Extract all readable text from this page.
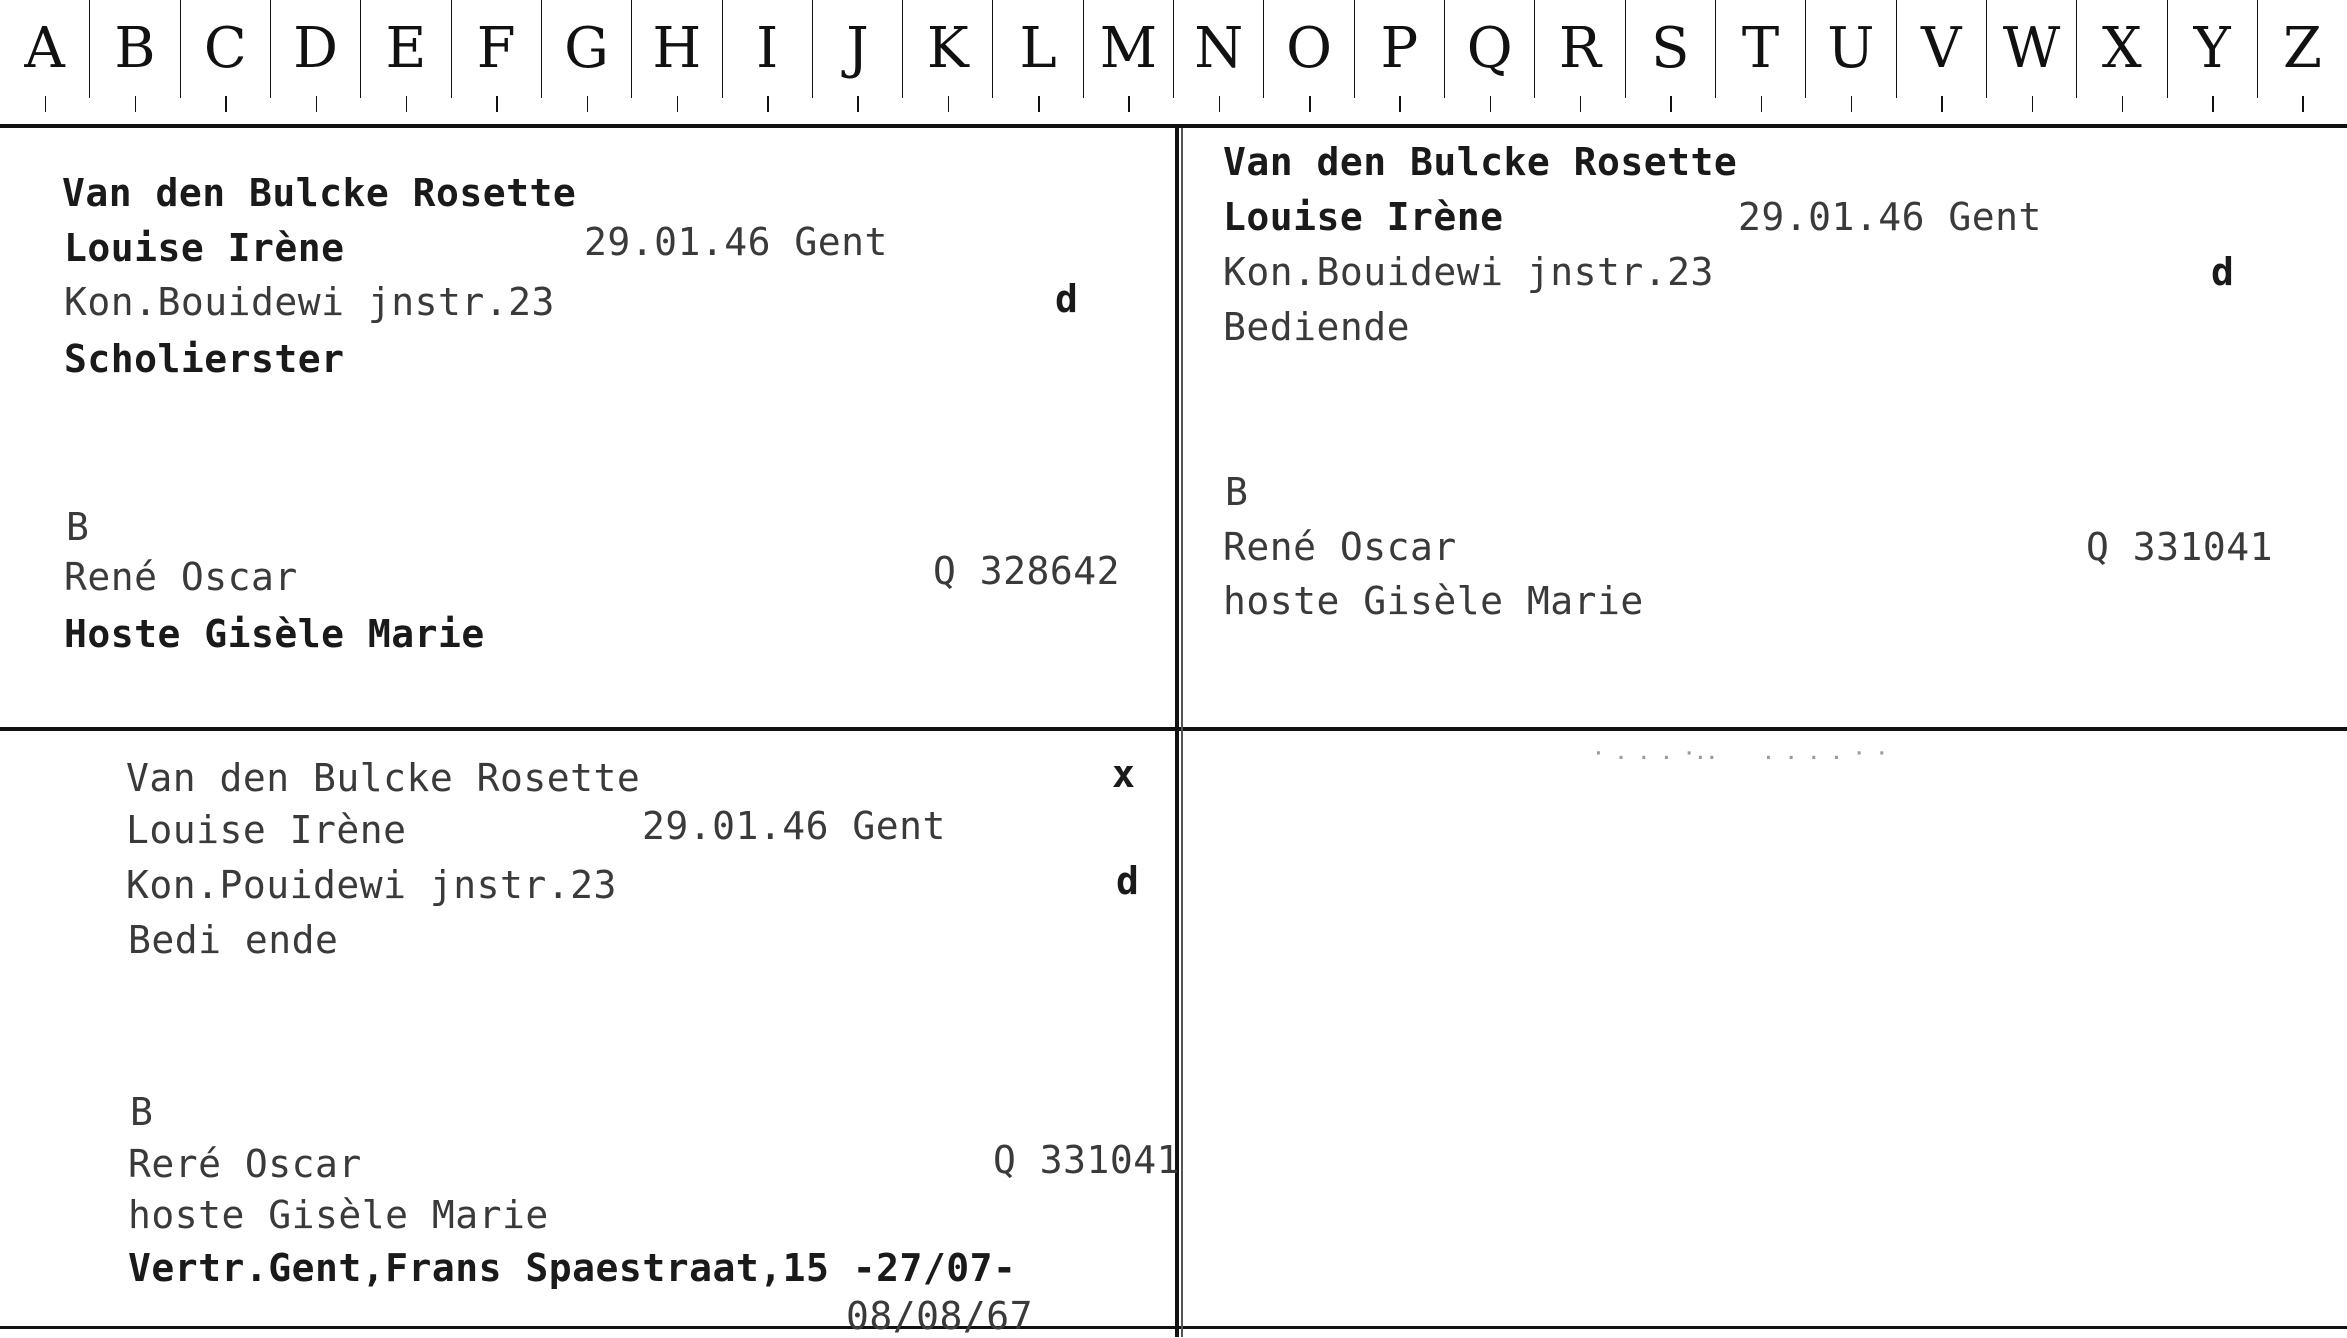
A B C D E F G H I	J	K L M N O P Q R S T U V W X Y Z
Van den Bulcke Rosette
Louise Irène	29.01.46 Gent
Kon.Bouidewi jnstr.23	d
Scholierster
B
René Oscar	Q 328642
Hoste Gisèle Marie
Van den Bulcke Rosette
Louise Irène	29.01.46 Gent
Kon.Bouidewi jnstr.23	d
Bediende
B
René Oscar	Q 331041
hoste Gisèle Marie
Van den Bulcke Rosette	x
Louise Irène	29.01.46 Gent
Kon.Pouidewi jnstr.23	d
Bedi ende
B
Reré Oscar	Q 331041
hoste Gisèle Marie
Vertr.Gent,Frans Spaestraat,15 -27/07-
08/08/67
· . . . ·..    . . . . · ·
